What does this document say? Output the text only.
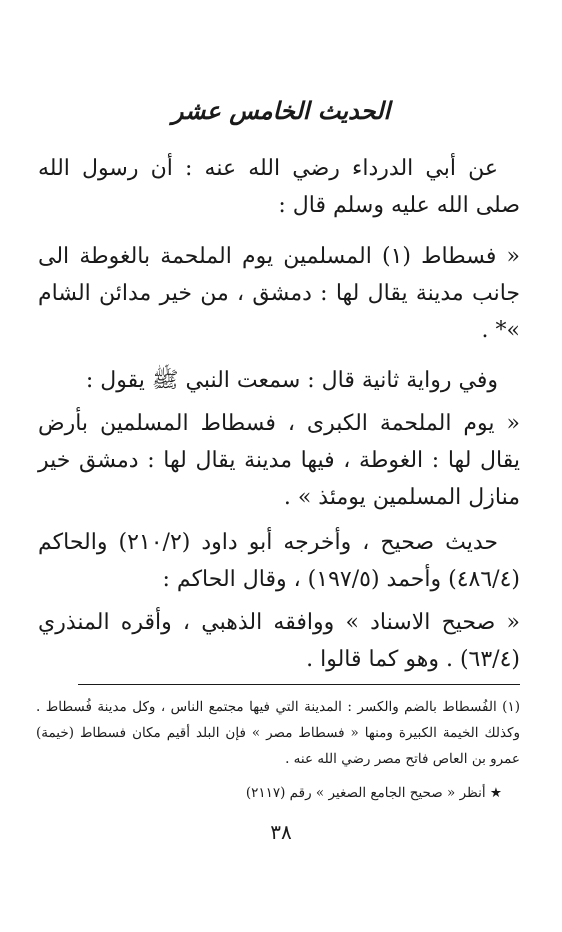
الحديث الخامس عشر

عن أبي الدرداء رضي الله عنه : أن رسول الله صلى الله عليه وسلم قال :

« فسطاط (١) المسلمين يوم الملحمة بالغوطة الى جانب مدينة يقال لها : دمشق ، من خير مدائن الشام »* .

وفي رواية ثانية قال : سمعت النبي ﷺ يقول :

« يوم الملحمة الكبرى ، فسطاط المسلمين بأرض يقال لها : الغوطة ، فيها مدينة يقال لها : دمشق خير منازل المسلمين يومئذ » .

حديث صحيح ، وأخرجه أبو داود (٢١٠/٢) والحاكم (٤٨٦/٤) وأحمد (١٩٧/٥) ، وقال الحاكم :

« صحيح الاسناد » ووافقه الذهبي ، وأقره المنذري (٦٣/٤) . وهو كما قالوا .

(١) الفُسطاط بالضم والكسر : المدينة التي فيها مجتمع الناس ، وكل مدينة فُسطاط . وكذلك الخيمة الكبيرة ومنها « فسطاط مصر » فإن البلد أقيم مكان فسطاط (خيمة) عمرو بن العاص فاتح مصر رضي الله عنه .

★ أنظر « صحيح الجامع الصغير » رقم (٢١١٧)

٣٨
